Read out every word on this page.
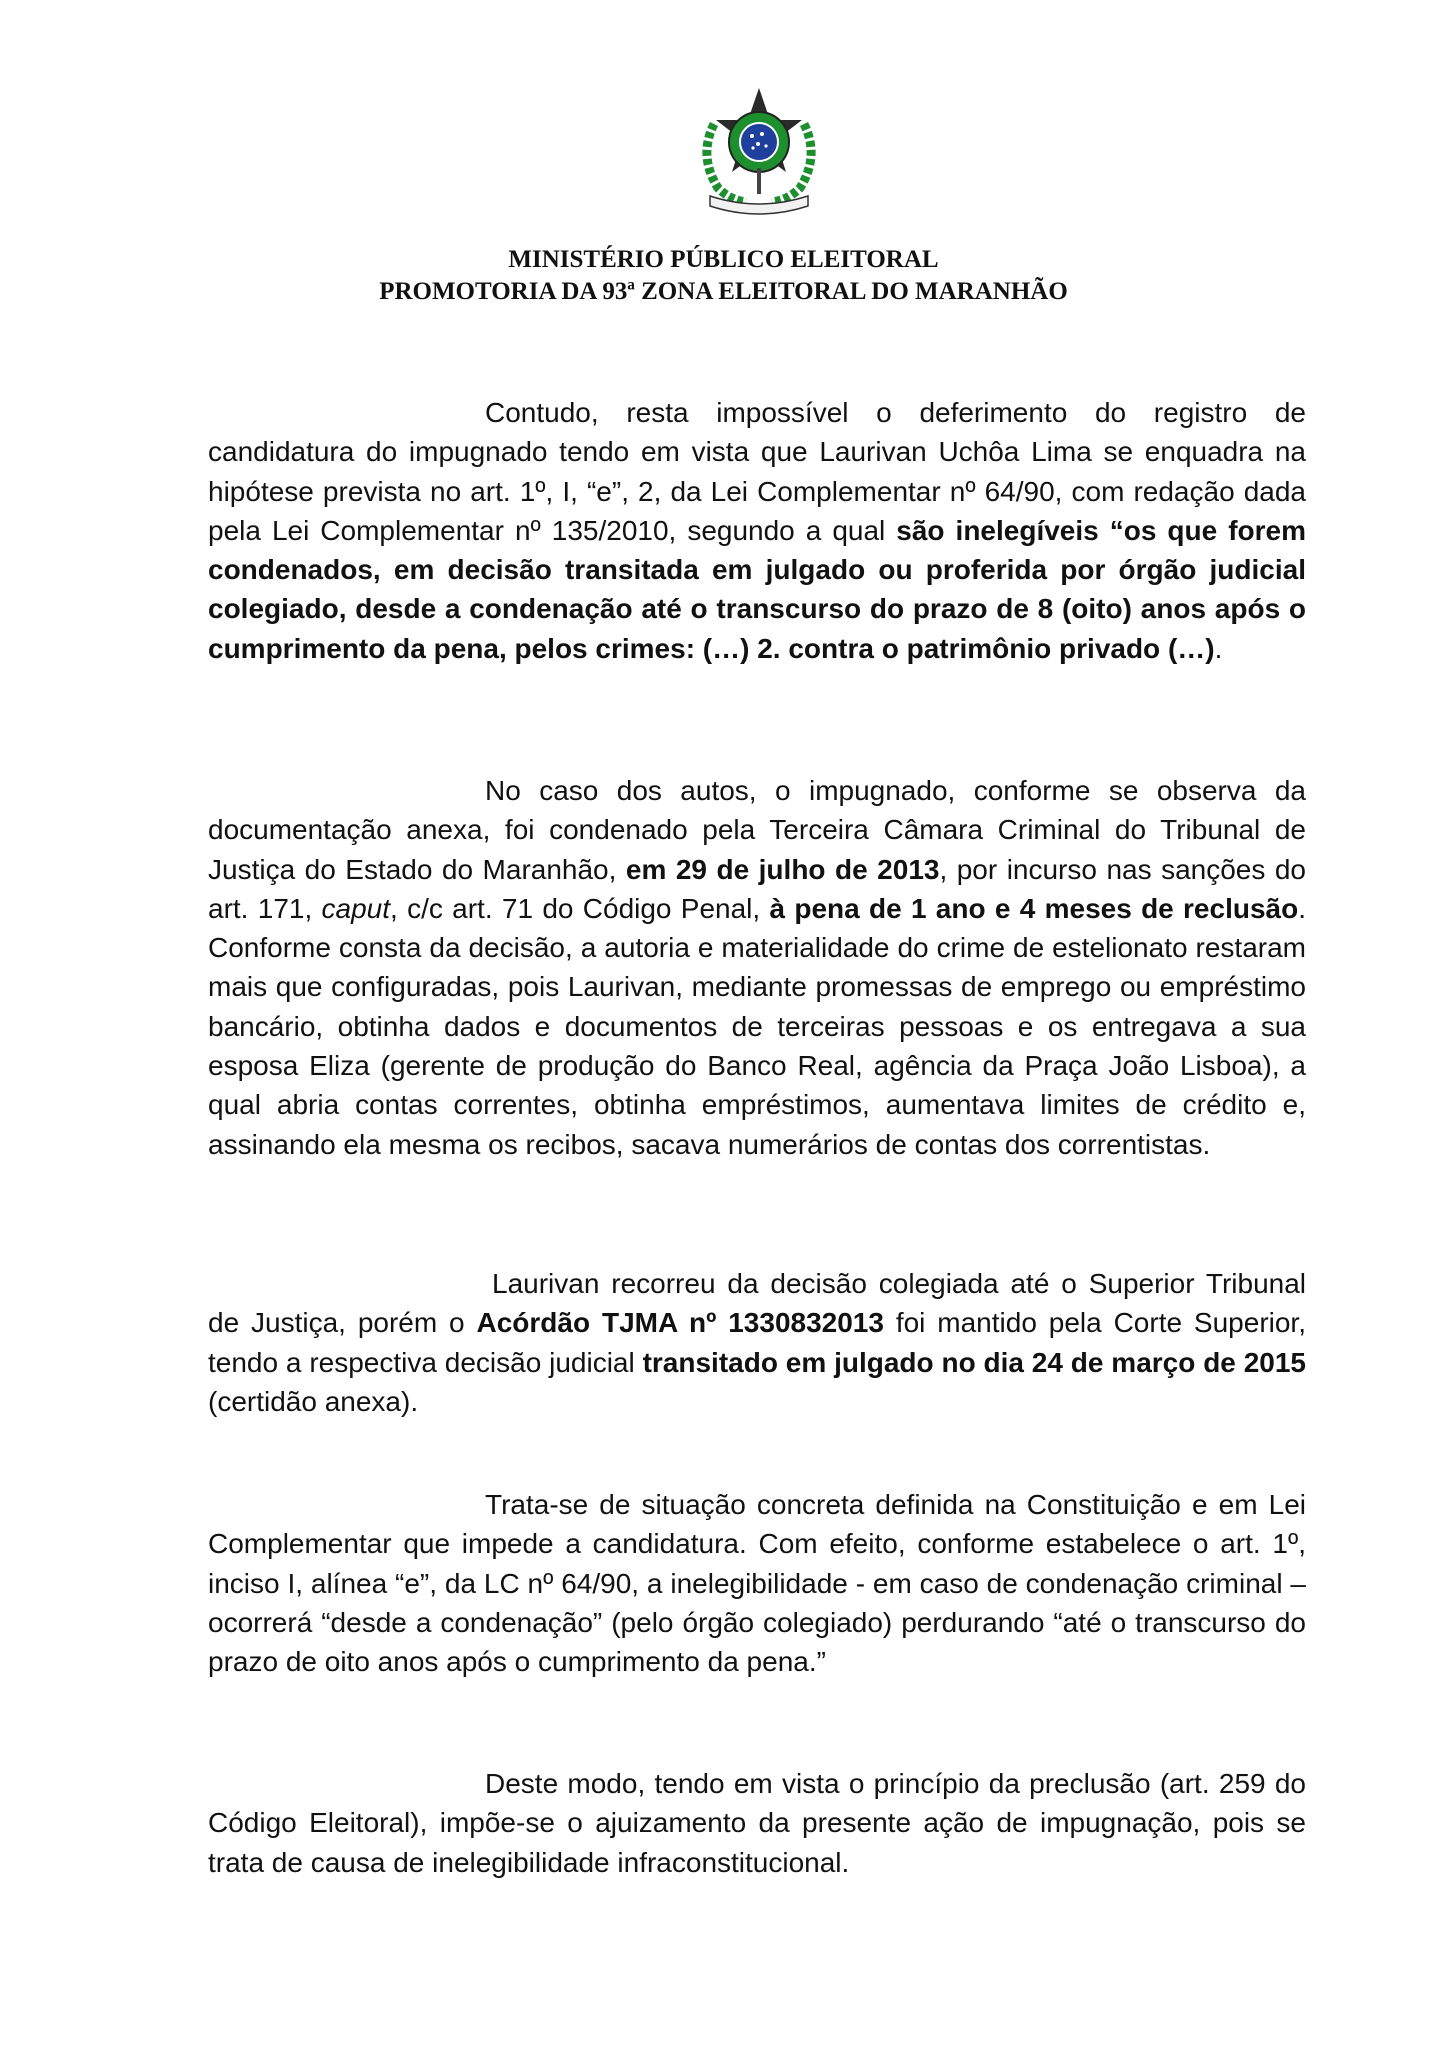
MINISTÉRIO PÚBLICO ELEITORAL
PROMOTORIA DA 93ª ZONA ELEITORAL DO MARANHÃO

Contudo, resta impossível o deferimento do registro de candidatura do impugnado tendo em vista que Laurivan Uchôa Lima se enquadra na hipótese prevista no art. 1º, I, “e”, 2, da Lei Complementar nº 64/90, com redação dada pela Lei Complementar nº 135/2010, segundo a qual são inelegíveis “os que forem condenados, em decisão transitada em julgado ou proferida por órgão judicial colegiado, desde a condenação até o transcurso do prazo de 8 (oito) anos após o cumprimento da pena, pelos crimes: (…) 2. contra o patrimônio privado (…).

No caso dos autos, o impugnado, conforme se observa da documentação anexa, foi condenado pela Terceira Câmara Criminal do Tribunal de Justiça do Estado do Maranhão, em 29 de julho de 2013, por incurso nas sanções do art. 171, caput, c/c art. 71 do Código Penal, à pena de 1 ano e 4 meses de reclusão. Conforme consta da decisão, a autoria e materialidade do crime de estelionato restaram mais que configuradas, pois Laurivan, mediante promessas de emprego ou empréstimo bancário, obtinha dados e documentos de terceiras pessoas e os entregava a sua esposa Eliza (gerente de produção do Banco Real, agência da Praça João Lisboa), a qual abria contas correntes, obtinha empréstimos, aumentava limites de crédito e, assinando ela mesma os recibos, sacava numerários de contas dos correntistas.

Laurivan recorreu da decisão colegiada até o Superior Tribunal de Justiça, porém o Acórdão TJMA nº 1330832013 foi mantido pela Corte Superior, tendo a respectiva decisão judicial transitado em julgado no dia 24 de março de 2015 (certidão anexa).

Trata-se de situação concreta definida na Constituição e em Lei Complementar que impede a candidatura. Com efeito, conforme estabelece o art. 1º, inciso I, alínea “e”, da LC nº 64/90, a inelegibilidade - em caso de condenação criminal – ocorrerá “desde a condenação” (pelo órgão colegiado) perdurando “até o transcurso do prazo de oito anos após o cumprimento da pena.”

Deste modo, tendo em vista o princípio da preclusão (art. 259 do Código Eleitoral), impõe-se o ajuizamento da presente ação de impugnação, pois se trata de causa de inelegibilidade infraconstitucional.
